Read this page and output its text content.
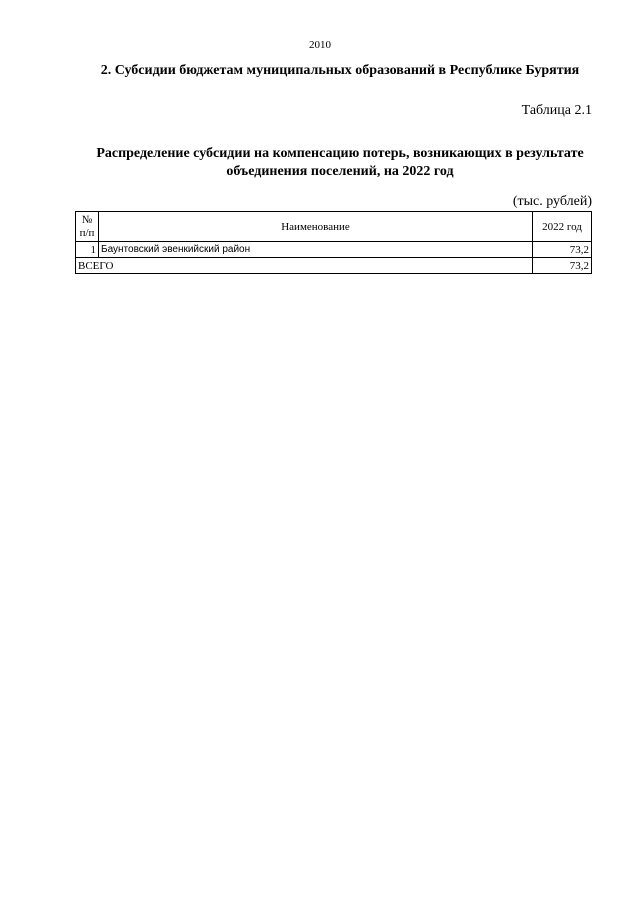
2010
2. Субсидии бюджетам муниципальных образований в Республике Бурятия
Таблица 2.1
Распределение субсидии на компенсацию потерь, возникающих в результате объединения поселений, на 2022 год
(тыс. рублей)
№
п/п	Наименование	2022 год
1	Баунтовский эвенкийский район	73,2
ВСЕГО		73,2
